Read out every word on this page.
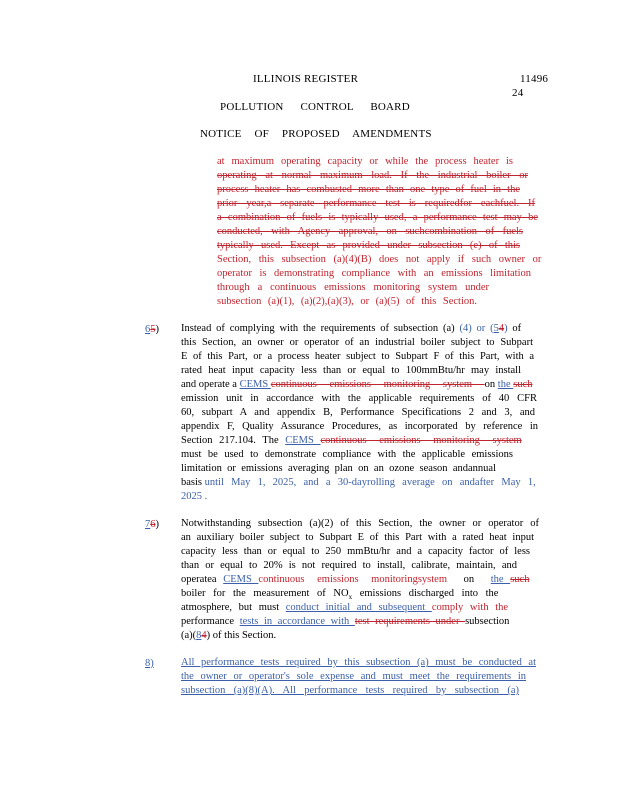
ILLINOIS REGISTER	11496
24
POLLUTION CONTROL BOARD
NOTICE OF PROPOSED AMENDMENTS
at maximum operating capacity or while the process heater is
operating at normal maximum load. If the industrial boiler or
process heater has combusted more than one type of fuel in the
prior year,a separate performance test is requiredfor eachfuel. If
a combination of fuels is typically used, a performance test may be
conducted, with Agency approval, on suchcombination of fuels
typically used. Except as provided under subsection (e) of this
Section, this subsection (a)(4)(B) does not apply if such owner or
operator is demonstrating compliance with an emissions limitation
through a continuous emissions monitoring system under
subsection (a)(1), (a)(2),(a)(3), or (a)(5) of this Section.
65) Instead of complying with the requirements of subsection (a) (4) or (54) of
this Section, an owner or operator of an industrial boiler subject to Subpart
E of this Part, or a process heater subject to Subpart F of this Part, with a
rated heat input capacity less than or equal to 100mmBtu/hr may install
and operate a CEMS continuous emissions monitoring system on the such
emission unit in accordance with the applicable requirements of 40 CFR
60, subpart A and appendix B, Performance Specifications 2 and 3, and
appendix F, Quality Assurance Procedures, as incorporated by reference in
Section 217.104. The CEMS continuous emissions monitoring system
must be used to demonstrate compliance with the applicable emissions
limitation or emissions averaging plan on an ozone season andannual
basis until May 1, 2025, and a 30-dayrolling average on andafter May 1,
2025 .
76) Notwithstanding subsection (a)(2) of this Section, the owner or operator of
an auxiliary boiler subject to Subpart E of this Part with a rated heat input
capacity less than or equal to 250 mmBtu/hr and a capacity factor of less
than or equal to 20% is not required to install, calibrate, maintain, and
operatea CEMS continuous emissions monitoringsystem on the such
boiler for the measurement of $NO_x$ emissions discharged into the
atmosphere, but must conduct initial and subsequent comply with the
performance tests in accordance with test requirements under subsection
(a)(84) of this Section.
8)	All performance tests required by this subsection (a) must be conducted at
the owner or operator's sole expense and must meet the requirements in
subsection (a)(8)(A). All performance tests required by subsection (a)
